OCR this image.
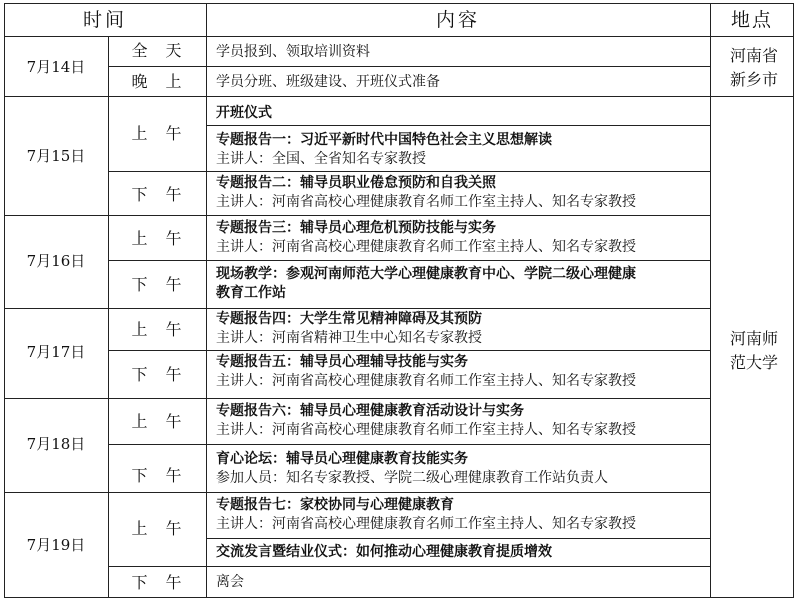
时间	内容	地点
7月14日
7月15日
7月16日
7月17日
7月18日
7月19日
全　天
晚　上
上　午
下　午
上　午
下　午
上　午
下　午
上　午
下　午
上　午
下　午
学员报到、领取培训资料
学员分班、班级建设、开班仪式准备
开班仪式
专题报告一：习近平新时代中国特色社会主义思想解读
主讲人：全国、全省知名专家教授
专题报告二：辅导员职业倦怠预防和自我关照
主讲人：河南省高校心理健康教育名师工作室主持人、知名专家教授
专题报告三：辅导员心理危机预防技能与实务
主讲人：河南省高校心理健康教育名师工作室主持人、知名专家教授
现场教学：参观河南师范大学心理健康教育中心、学院二级心理健康
教育工作站
专题报告四：大学生常见精神障碍及其预防
主讲人：河南省精神卫生中心知名专家教授
专题报告五：辅导员心理辅导技能与实务
主讲人：河南省高校心理健康教育名师工作室主持人、知名专家教授
专题报告六：辅导员心理健康教育活动设计与实务
主讲人：河南省高校心理健康教育名师工作室主持人、知名专家教授
育心论坛：辅导员心理健康教育技能实务
参加人员：知名专家教授、学院二级心理健康教育工作站负责人
专题报告七：家校协同与心理健康教育
主讲人：河南省高校心理健康教育名师工作室主持人、知名专家教授
交流发言暨结业仪式：如何推动心理健康教育提质增效
离会
河南省
新乡市
河南师
范大学
